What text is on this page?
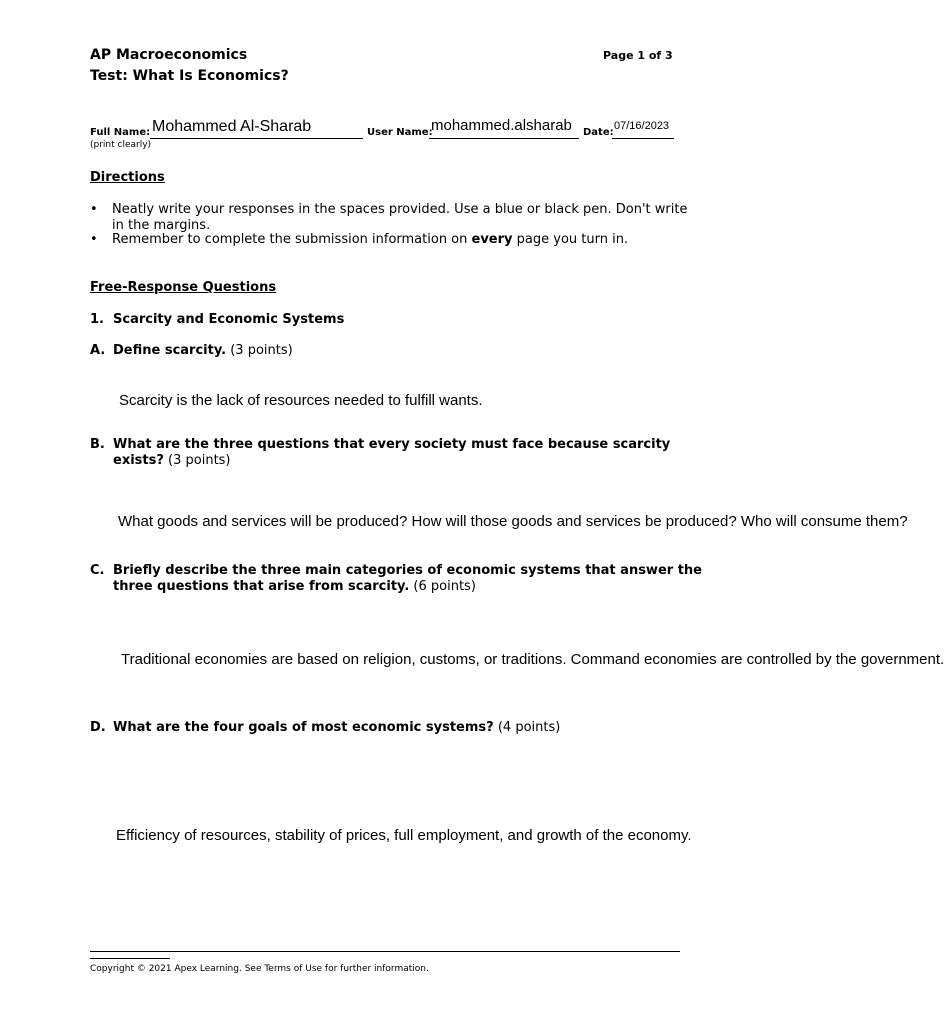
AP Macroeconomics
Test: What Is Economics?
Page 1 of 3
Full Name: Mohammed Al-Sharab
(print clearly)
User Name:
mohammed.alsharab Date:
07/16/2023
Directions
• Neatly write your responses in the spaces provided. Use a blue or black pen. Don't write
in the margins.
• Remember to complete the submission information on every page you turn in.
Free-Response Questions
1. Scarcity and Economic Systems
A. Define scarcity. (3 points)
Scarcity is the lack of resources needed to fulfill wants.
B. What are the three questions that every society must face because scarcity
exists? (3 points)
What goods and services will be produced? How will those goods and services be produced? Who will consume them?
C. Briefly describe the three main categories of economic systems that answer the
three questions that arise from scarcity. (6 points)
Traditional economies are based on religion, customs, or traditions. Command economies are controlled by the government.
D. What are the four goals of most economic systems? (4 points)
Efficiency of resources, stability of prices, full employment, and growth of the economy.
Copyright © 2021 Apex Learning. See Terms of Use for further information.
